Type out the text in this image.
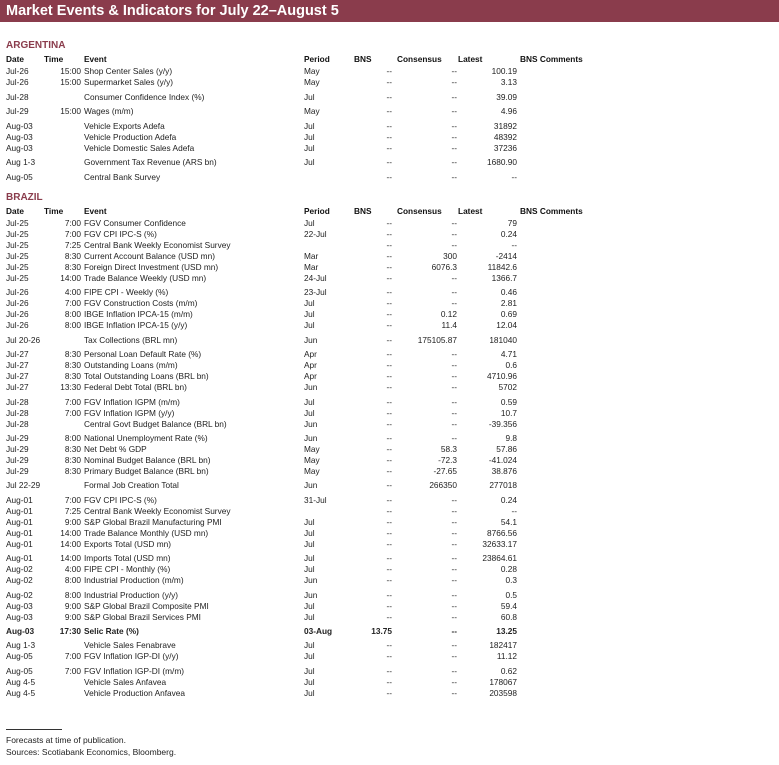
Market Events & Indicators for July 22–August 5
ARGENTINA
Date Time	Event	Period	BNS	Consensus Latest	BNS Comments
Jul-26	15:00 Shop Center Sales (y/y)	May	--	--	100.19
Jul-26	15:00 Supermarket Sales (y/y)	May	--	--	3.13
Jul-28	Consumer Confidence Index (%)	Jul	--	--	39.09
Jul-29	15:00 Wages (m/m)	May	--	--	4.96
Aug-03	Vehicle Exports Adefa	Jul	--	--	31892
Aug-03	Vehicle Production Adefa	Jul	--	--	48392
Aug-03	Vehicle Domestic Sales Adefa	Jul	--	--	37236
Aug 1-3	Government Tax Revenue (ARS bn)	Jul	--	--	1680.90
Aug-05	Central Bank Survey	--	--	--
BRAZIL
Date Time	Event	Period	BNS	Consensus Latest	BNS Comments
Jul-25	7:00 FGV Consumer Confidence	Jul	--	--	79
Jul-25	7:00 FGV CPI IPC-S (%)	22-Jul	--	--	0.24
Jul-25	7:25 Central Bank Weekly Economist Survey	--	--	--
Jul-25	8:30 Current Account Balance (USD mn)	Mar	--	300	-2414
Jul-25	8:30 Foreign Direct Investment (USD mn)	Mar	--	6076.3	11842.6
Jul-25	14:00 Trade Balance Weekly (USD mn)	24-Jul	--	--	1366.7
Jul-26	4:00 FIPE CPI - Weekly (%)	23-Jul	--	--	0.46
Jul-26	7:00 FGV Construction Costs (m/m)	Jul	--	--	2.81
Jul-26	8:00 IBGE Inflation IPCA-15 (m/m)	Jul	--	0.12	0.69
Jul-26	8:00 IBGE Inflation IPCA-15 (y/y)	Jul	--	11.4	12.04
Jul 20-26	Tax Collections (BRL mn)	Jun	--	175105.87	181040
Jul-27	8:30 Personal Loan Default Rate (%)	Apr	--	--	4.71
Jul-27	8:30 Outstanding Loans (m/m)	Apr	--	--	0.6
Jul-27	8:30 Total Outstanding Loans (BRL bn)	Apr	--	--	4710.96
Jul-27	13:30 Federal Debt Total (BRL bn)	Jun	--	--	5702
Jul-28	7:00 FGV Inflation IGPM (m/m)	Jul	--	--	0.59
Jul-28	7:00 FGV Inflation IGPM (y/y)	Jul	--	--	10.7
Jul-28	Central Govt Budget Balance (BRL bn)	Jun	--	--	-39.356
Jul-29	8:00 National Unemployment Rate (%)	Jun	--	--	9.8
Jul-29	8:30 Net Debt % GDP	May	--	58.3	57.86
Jul-29	8:30 Nominal Budget Balance (BRL bn)	May	--	-72.3	-41.024
Jul-29	8:30 Primary Budget Balance (BRL bn)	May	--	-27.65	38.876
Jul 22-29	Formal Job Creation Total	Jun	--	266350	277018
Aug-01	7:00 FGV CPI IPC-S (%)	31-Jul	--	--	0.24
Aug-01	7:25 Central Bank Weekly Economist Survey	--	--	--
Aug-01	9:00 S&P Global Brazil Manufacturing PMI	Jul	--	--	54.1
Aug-01	14:00 Trade Balance Monthly (USD mn)	Jul	--	--	8766.56
Aug-01	14:00 Exports Total (USD mn)	Jul	--	--	32633.17
Aug-01	14:00 Imports Total (USD mn)	Jul	--	--	23864.61
Aug-02	4:00 FIPE CPI - Monthly (%)	Jul	--	--	0.28
Aug-02	8:00 Industrial Production (m/m)	Jun	--	--	0.3
Aug-02	8:00 Industrial Production (y/y)	Jun	--	--	0.5
Aug-03	9:00 S&P Global Brazil Composite PMI	Jul	--	--	59.4
Aug-03	9:00 S&P Global Brazil Services PMI	Jul	--	--	60.8
Aug-03	17:30 Selic Rate (%)	03-Aug	13.75	--	13.25
Aug 1-3	Vehicle Sales Fenabrave	Jul	--	--	182417
Aug-05	7:00 FGV Inflation IGP-DI (y/y)	Jul	--	--	11.12
Aug-05	7:00 FGV Inflation IGP-DI (m/m)	Jul	--	--	0.62
Aug 4-5	Vehicle Sales Anfavea	Jul	--	--	178067
Aug 4-5	Vehicle Production Anfavea	Jul	--	--	203598
Forecasts at time of publication.
Sources: Scotiabank Economics, Bloomberg.
